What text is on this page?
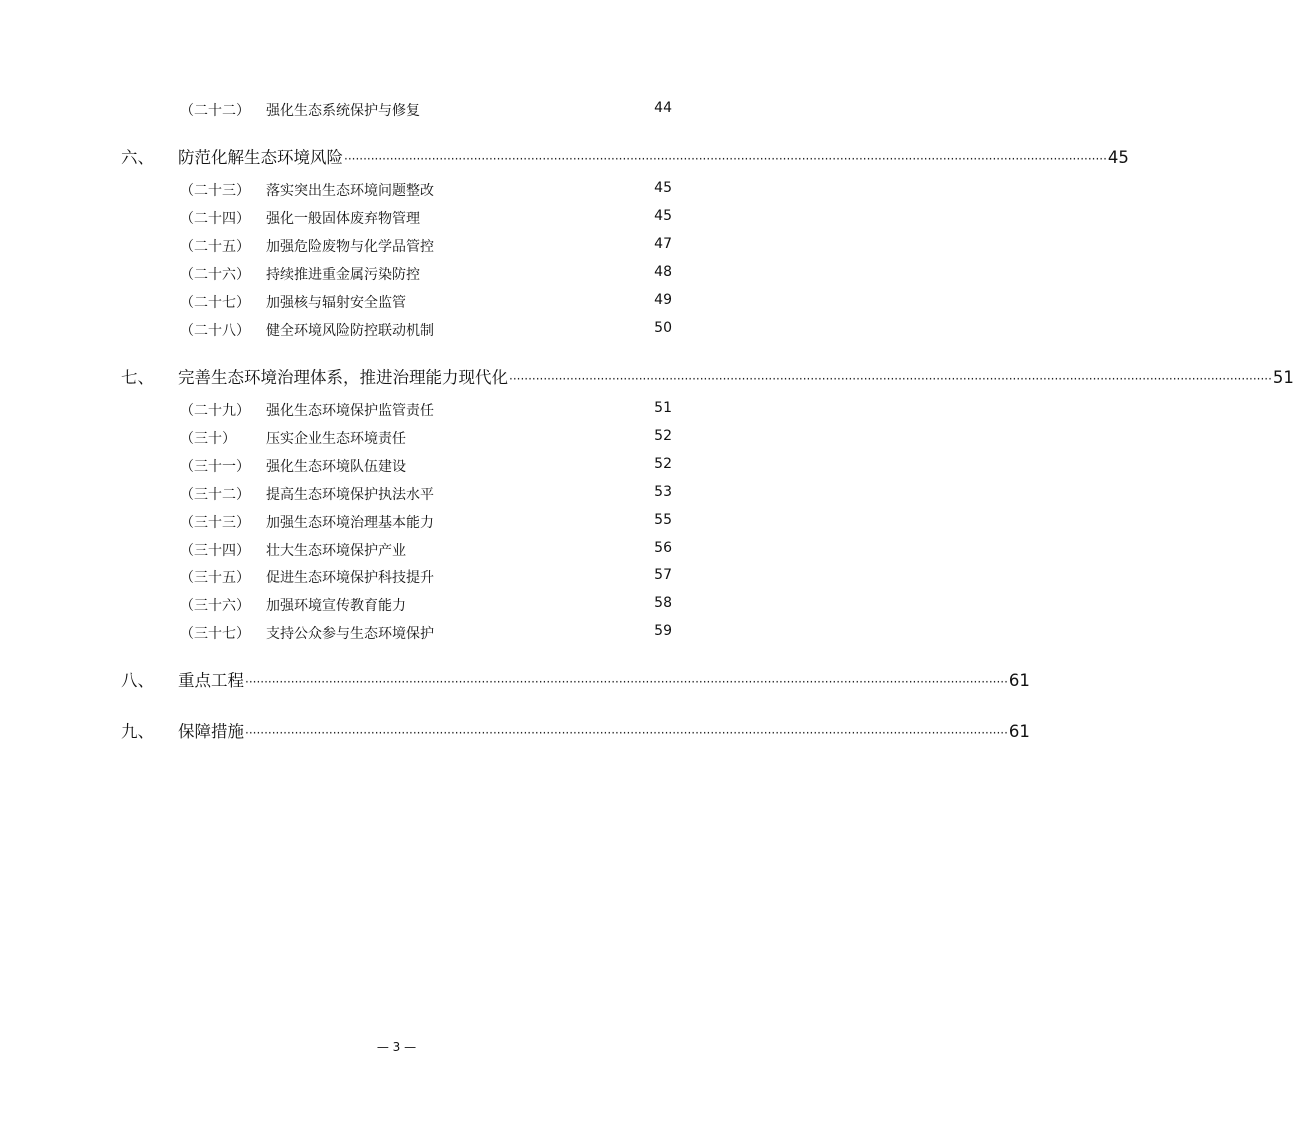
（二十二） 强化生态系统保护与修复	44
六、 防范化解生态环境风险 ········································································································································································································ 45
（二十三） 落实突出生态环境问题整改	45
（二十四） 强化一般固体废弃物管理	45
（二十五） 加强危险废物与化学品管控	47
（二十六） 持续推进重金属污染防控	48
（二十七） 加强核与辐射安全监管	49
（二十八） 健全环境风险防控联动机制	50
七、 完善生态环境治理体系，推进治理能力现代化 ········································································································································································································ 51
（二十九） 强化生态环境保护监管责任	51
（三十） 压实企业生态环境责任	52
（三十一） 强化生态环境队伍建设	52
（三十二） 提高生态环境保护执法水平	53
（三十三） 加强生态环境治理基本能力	55
（三十四） 壮大生态环境保护产业	56
（三十五） 促进生态环境保护科技提升	57
（三十六） 加强环境宣传教育能力	58
（三十七） 支持公众参与生态环境保护	59
八、 重点工程 ········································································································································································································ 61
九、 保障措施 ········································································································································································································ 61
— 3 —
